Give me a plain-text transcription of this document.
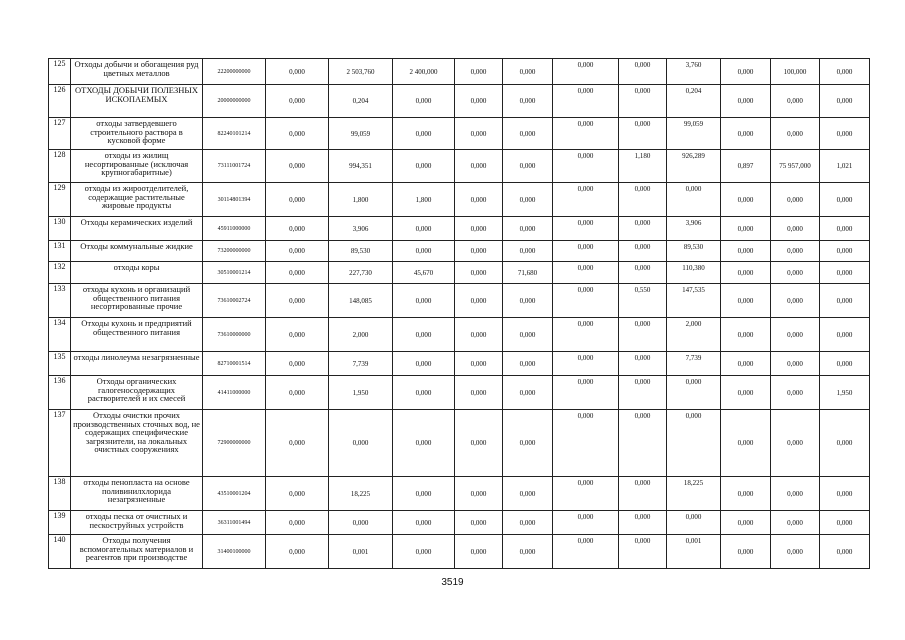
125	Отходы добычи и обогащения руд цветных металлов	22200000000	0,000	2 503,760	2 400,000	0,000	0,000	0,000	0,000	3,760	0,000	100,000	0,000
126	ОТХОДЫ ДОБЫЧИ ПОЛЕЗНЫХ ИСКОПАЕМЫХ	20000000000	0,000	0,204	0,000	0,000	0,000	0,000	0,000	0,204	0,000	0,000	0,000
127	отходы затвердевшего строительного раствора в кусковой форме	82240101214	0,000	99,059	0,000	0,000	0,000	0,000	0,000	99,059	0,000	0,000	0,000
128	отходы из жилищ несортированные (исключая крупногабаритные)	73111001724	0,000	994,351	0,000	0,000	0,000	0,000	1,180	926,289	0,897	75 957,000	1,021
129	отходы из жироотделителей, содержащие растительные жировые продукты	30114801394	0,000	1,800	1,800	0,000	0,000	0,000	0,000	0,000	0,000	0,000	0,000
130	Отходы керамических изделий	45911000000	0,000	3,906	0,000	0,000	0,000	0,000	0,000	3,906	0,000	0,000	0,000
131	Отходы коммунальные жидкие	73200000000	0,000	89,530	0,000	0,000	0,000	0,000	0,000	89,530	0,000	0,000	0,000
132	отходы коры	30510001214	0,000	227,730	45,670	0,000	71,680	0,000	0,000	110,380	0,000	0,000	0,000
133	отходы кухонь и организаций общественного питания несортированные прочие	73610002724	0,000	148,085	0,000	0,000	0,000	0,000	0,550	147,535	0,000	0,000	0,000
134	Отходы кухонь и предприятий общественного питания	73610000000	0,000	2,000	0,000	0,000	0,000	0,000	0,000	2,000	0,000	0,000	0,000
135	отходы линолеума незагрязненные	82710001514	0,000	7,739	0,000	0,000	0,000	0,000	0,000	7,739	0,000	0,000	0,000
136	Отходы органических галогеносодержащих растворителей и их смесей	41411000000	0,000	1,950	0,000	0,000	0,000	0,000	0,000	0,000	0,000	0,000	1,950
137	Отходы очистки прочих производственных сточных вод, не содержащих специфические загрязнители, на локальных очистных сооружениях	72900000000	0,000	0,000	0,000	0,000	0,000	0,000	0,000	0,000	0,000	0,000	0,000
138	отходы пенопласта на основе поливинилхлорида незагрязненные	43510001204	0,000	18,225	0,000	0,000	0,000	0,000	0,000	18,225	0,000	0,000	0,000
139	отходы песка от очистных и пескоструйных устройств	36311001494	0,000	0,000	0,000	0,000	0,000	0,000	0,000	0,000	0,000	0,000	0,000
140	Отходы получения вспомогательных материалов и реагентов при производстве	31400100000	0,000	0,001	0,000	0,000	0,000	0,000	0,000	0,001	0,000	0,000	0,000
3519
